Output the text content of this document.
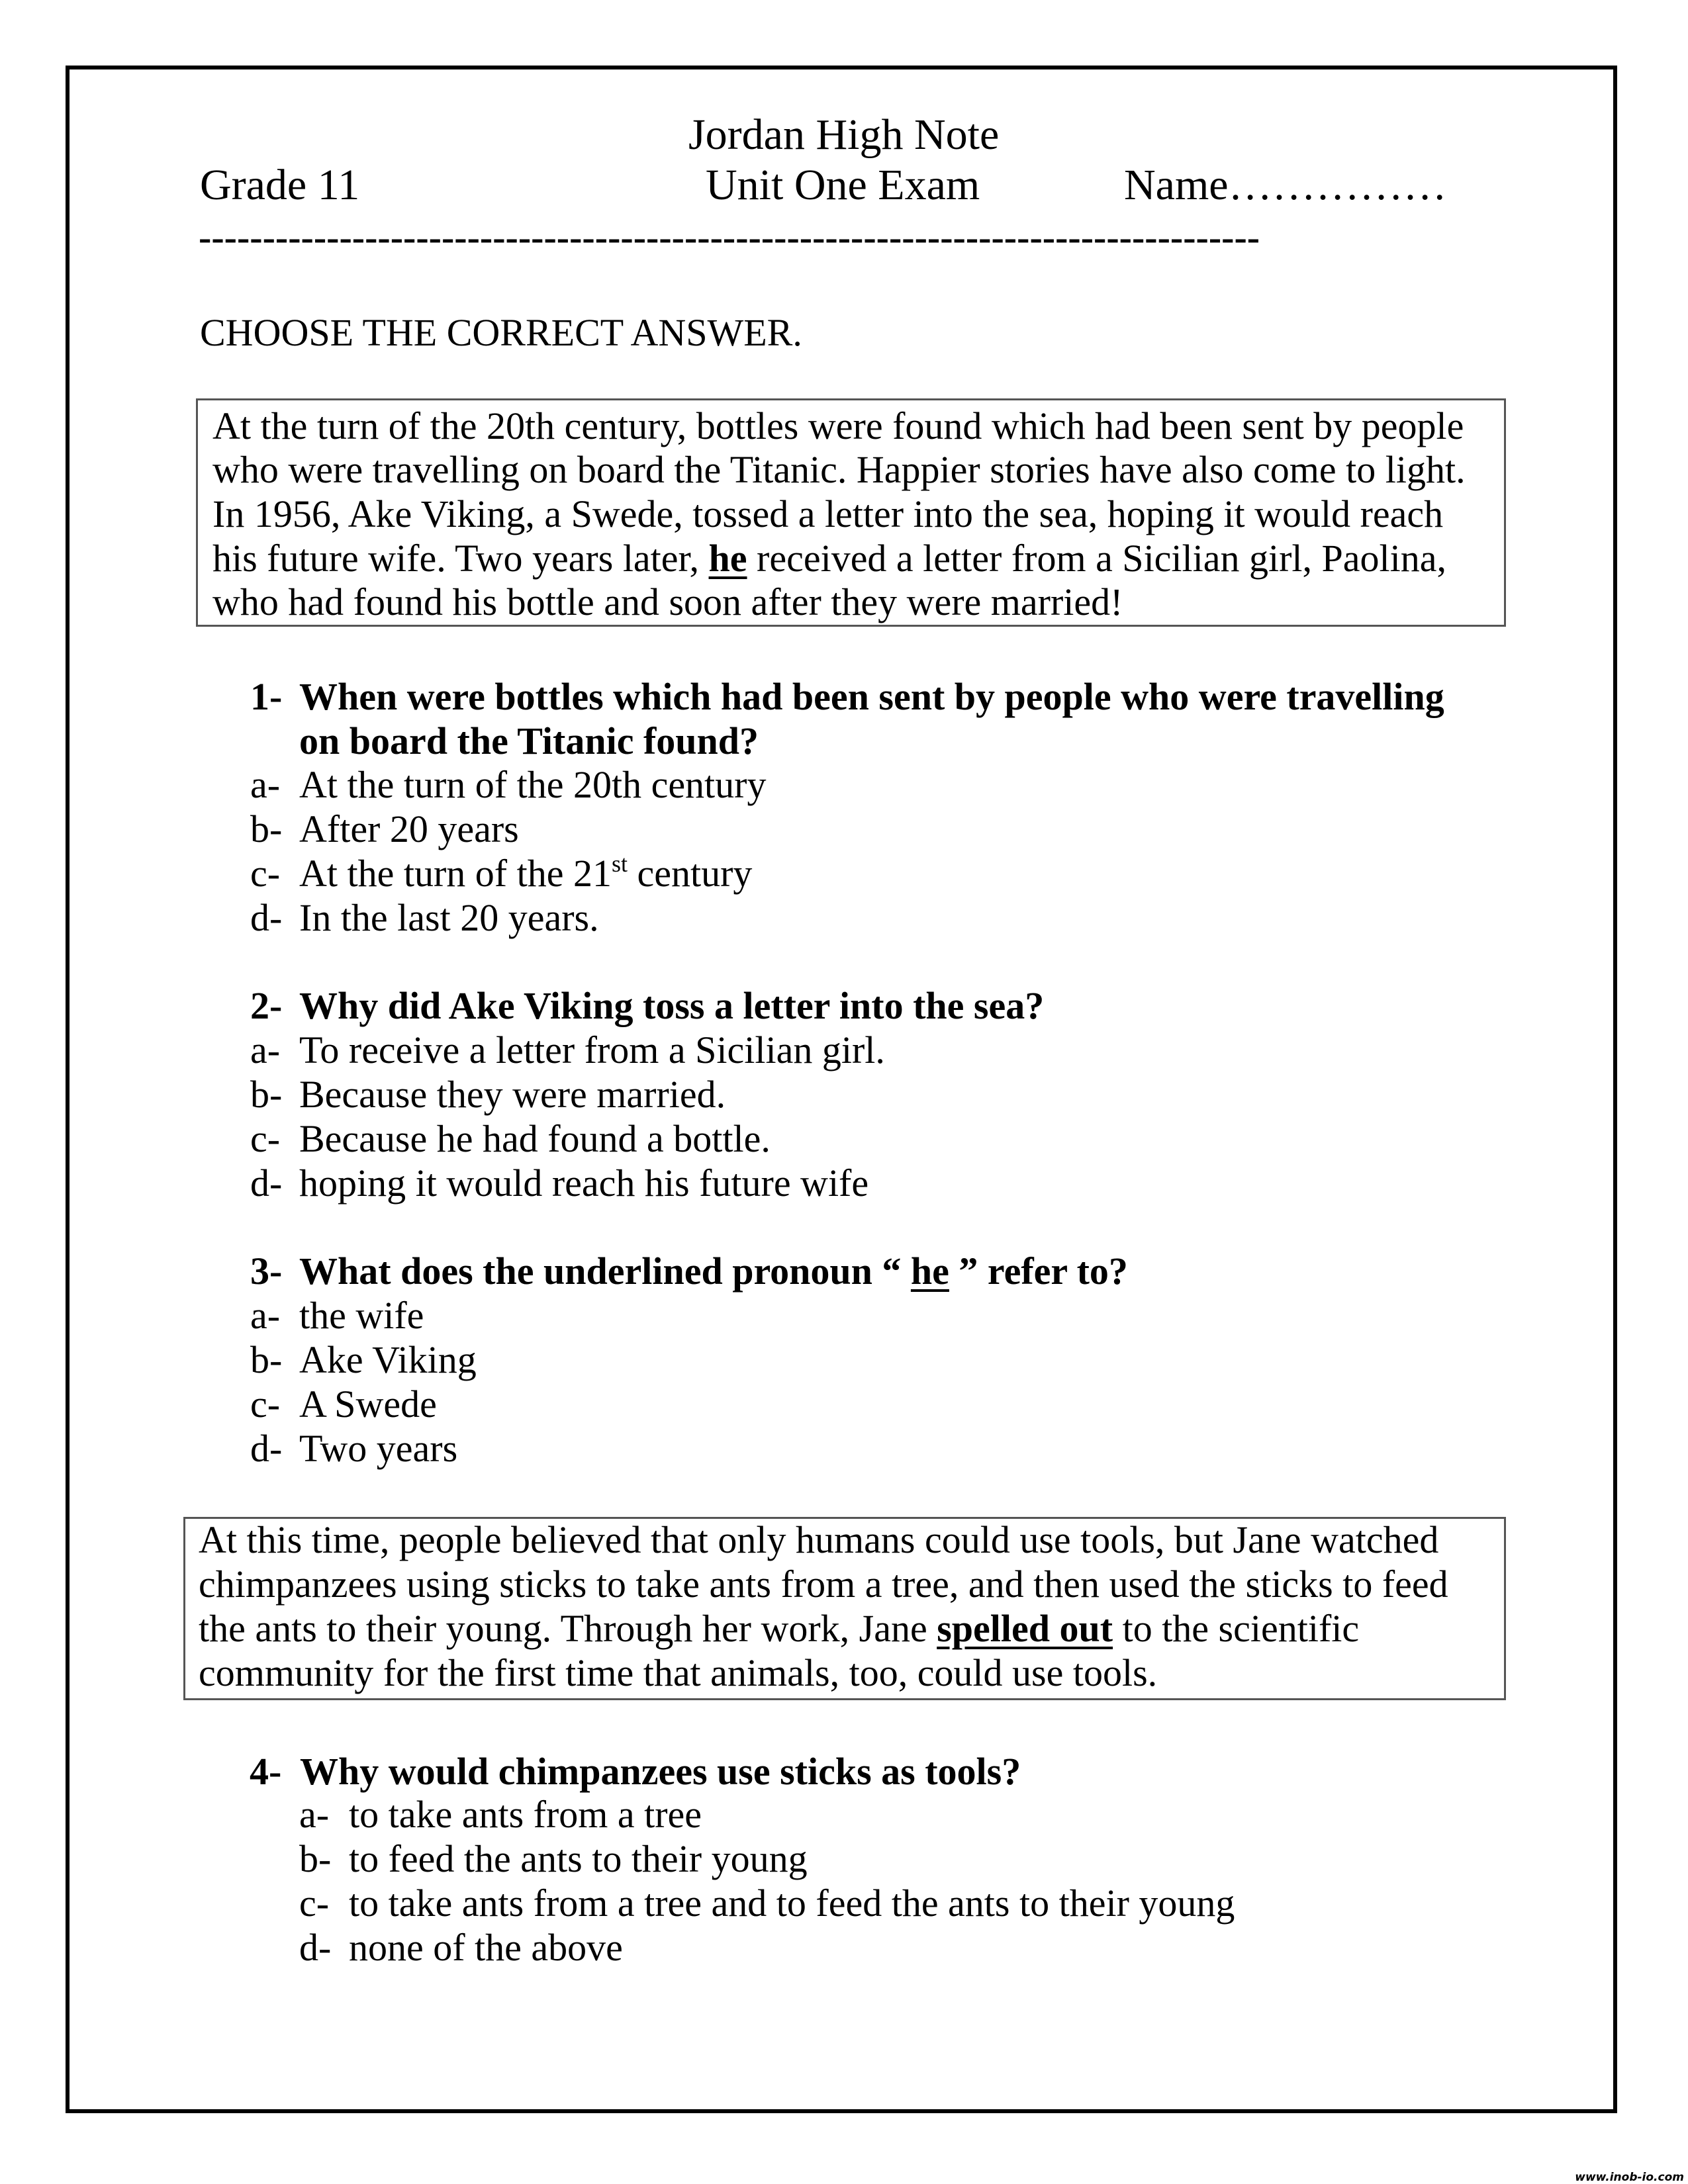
Jordan High Note
Grade 11	Unit One Exam	Name……………
-----------------------------------------------------------------------------------
CHOOSE THE CORRECT ANSWER.
At the turn of the 20th century, bottles were found which had been sent by people
who were travelling on board the Titanic. Happier stories have also come to light.
In 1956, Ake Viking, a Swede, tossed a letter into the sea, hoping it would reach
his future wife. Two years later, he received a letter from a Sicilian girl, Paolina,
who had found his bottle and soon after they were married!
1- When were bottles which had been sent by people who were travelling
on board the Titanic found?
a- At the turn of the 20th century
b- After 20 years
c- At the turn of the 21st century
d- In the last 20 years.
2- Why did Ake Viking toss a letter into the sea?
a- To receive a letter from a Sicilian girl.
b- Because they were married.
c- Because he had found a bottle.
d- hoping it would reach his future wife
3- What does the underlined pronoun “ he ” refer to?
a- the wife
b- Ake Viking
c- A Swede
d- Two years
At this time, people believed that only humans could use tools, but Jane watched
chimpanzees using sticks to take ants from a tree, and then used the sticks to feed
the ants to their young. Through her work, Jane spelled out to the scientific
community for the first time that animals, too, could use tools.
4- Why would chimpanzees use sticks as tools?
a- to take ants from a tree
b- to feed the ants to their young
c- to take ants from a tree and to feed the ants to their young
d- none of the above
www.inob-io.com
